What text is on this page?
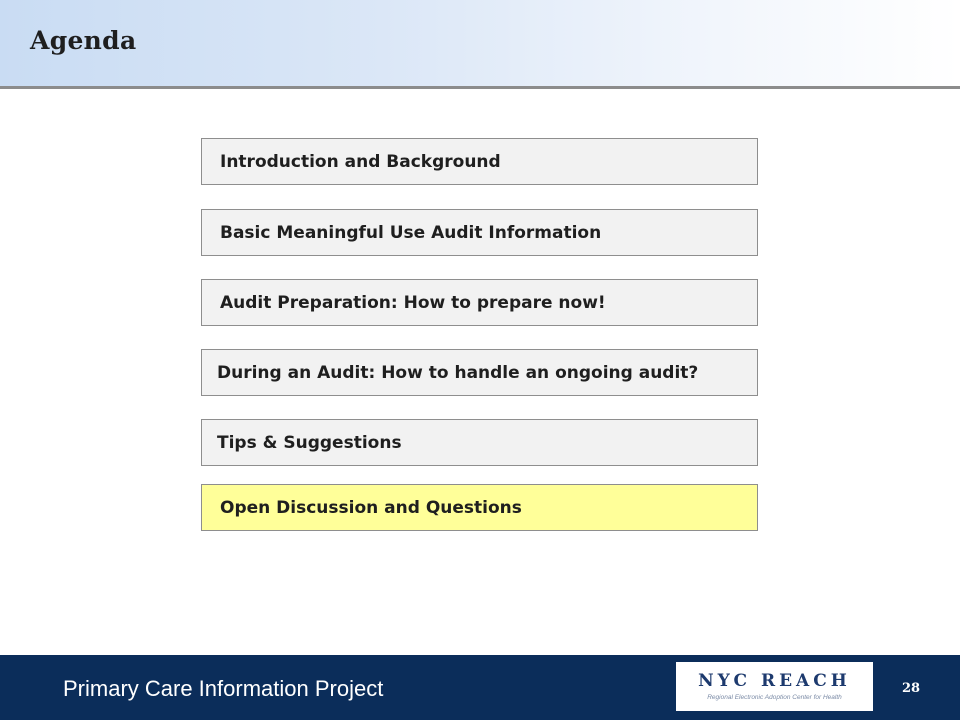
Agenda
Introduction and Background
Basic Meaningful Use Audit Information
Audit Preparation: How to prepare now!
During an Audit: How to handle an ongoing audit?
Tips & Suggestions
Open Discussion and Questions
Primary Care Information Project	NYC REACH
Regional Electronic Adoption Center for Health
28
